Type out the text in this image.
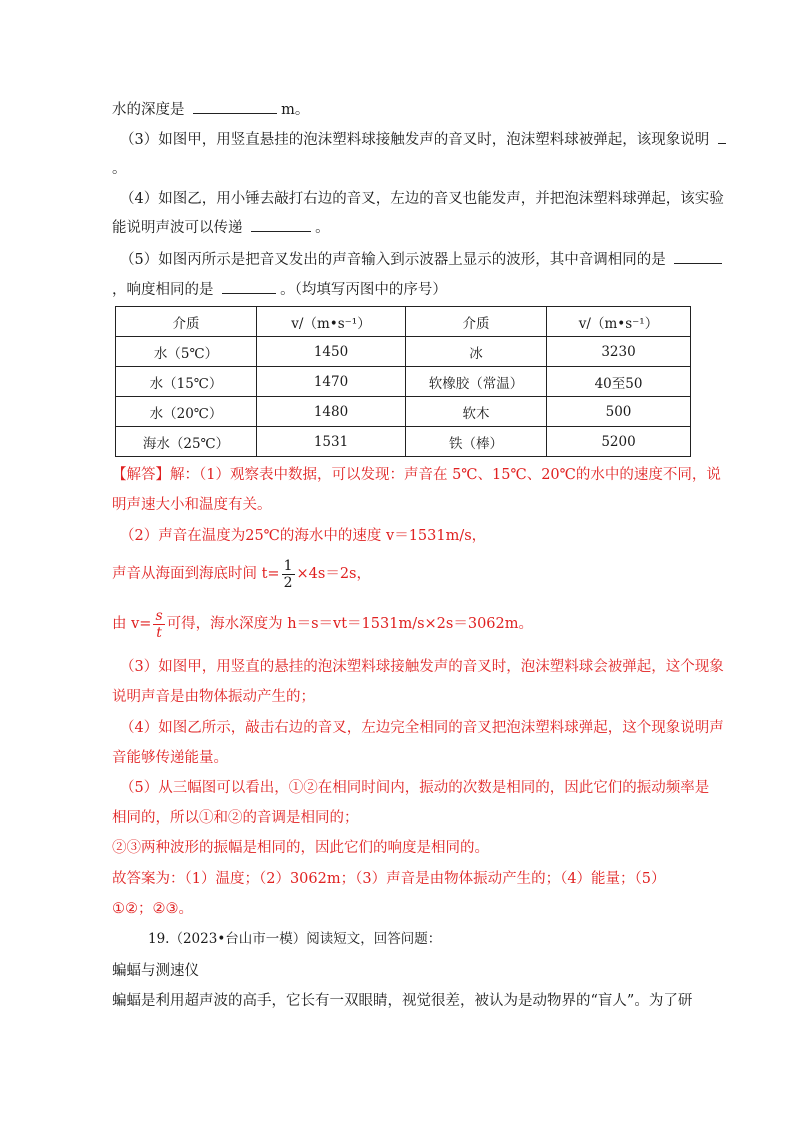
水的深度是	m。
（3）如图甲，用竖直悬挂的泡沫塑料球接触发声的音叉时，泡沫塑料球被弹起，该现象说明
。
（4）如图乙，用小锤去敲打右边的音叉，左边的音叉也能发声，并把泡沫塑料球弹起，该实验
能说明声波可以传递	。
（5）如图丙所示是把音叉发出的声音输入到示波器上显示的波形，其中音调相同的是
，响度相同的是	。（均填写丙图中的序号）
介质	v/（m•s⁻¹）	介质	v/（m•s⁻¹）
水（5℃）	1450	冰	3230
水（15℃）	1470	软橡胶（常温）	40至50
水（20℃）	1480	软木	500
海水（25℃）	1531	铁（棒）	5200
【解答】解：（1）观察表中数据，可以发现：声音在 5℃、15℃、20℃的水中的速度不同，说
明声速大小和温度有关。
（2）声音在温度为25℃的海水中的速度 v＝1531m/s，
声音从海面到海底时间 $t= \frac{1}{2} \times 4s=2s$，
由 $v= \frac{s}{t}$ 可得，海水深度为 h＝s＝vt＝1531m/s×2s＝3062m。
（3）如图甲，用竖直的悬挂的泡沫塑料球接触发声的音叉时，泡沫塑料球会被弹起，这个现象
说明声音是由物体振动产生的；
（4）如图乙所示，敲击右边的音叉，左边完全相同的音叉把泡沫塑料球弹起，这个现象说明声
音能够传递能量。
（5）从三幅图可以看出，①②在相同时间内，振动的次数是相同的，因此它们的振动频率是
相同的，所以①和②的音调是相同的；
②③两种波形的振幅是相同的，因此它们的响度是相同的。
故答案为：（1）温度；（2）3062m；（3）声音是由物体振动产生的；（4）能量；（5）
①②；②③。
19.（2023•台山市一模）阅读短文，回答问题：
蝙蝠与测速仪
蝙蝠是利用超声波的高手，它长有一双眼睛，视觉很差，被认为是动物界的“盲人”。为了研
